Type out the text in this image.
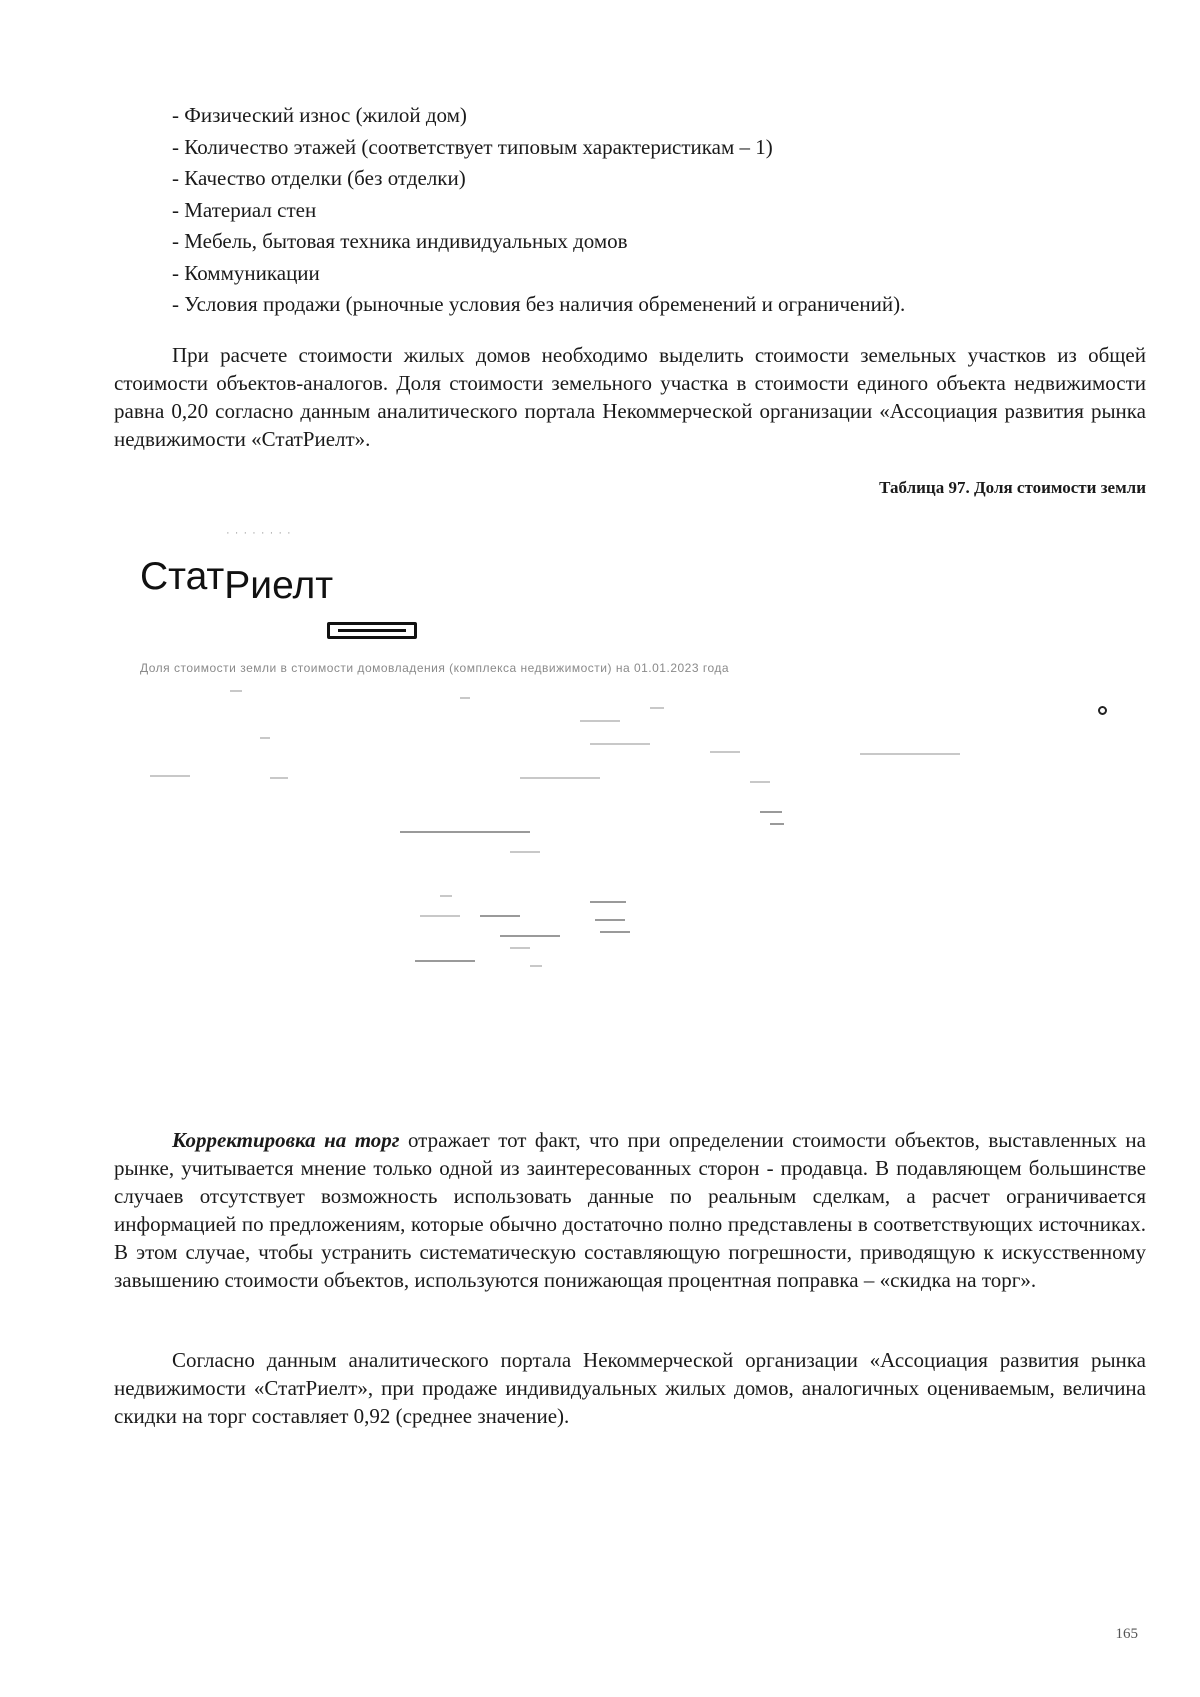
- Физический износ (жилой дом)
- Количество этажей (соответствует типовым характеристикам – 1)
- Качество отделки (без отделки)
- Материал стен
- Мебель, бытовая техника индивидуальных домов
- Коммуникации
- Условия продажи (рыночные условия без наличия обременений и ограничений).

При расчете стоимости жилых домов необходимо выделить стоимости земельных участков из общей стоимости объектов-аналогов. Доля стоимости земельного участка в стоимости единого объекта недвижимости равна 0,20 согласно данным аналитического портала Некоммерческой организации «Ассоциация развития рынка недвижимости «СтатРиелт».

Таблица 97. Доля стоимости земли
· · · · · · · ·
СтатРиелт
Доля стоимости земли в стоимости домовладения (комплекса недвижимости) на 01.01.2023 года

Корректировка на торг отражает тот факт, что при определении стоимости объектов, выставленных на рынке, учитывается мнение только одной из заинтересованных сторон - продавца. В подавляющем большинстве случаев отсутствует возможность использовать данные по реальным сделкам, а расчет ограничивается информацией по предложениям, которые обычно достаточно полно представлены в соответствующих источниках. В этом случае, чтобы устранить систематическую составляющую погрешности, приводящую к искусственному завышению стоимости объектов, используются понижающая процентная поправка – «скидка на торг».

Согласно данным аналитического портала Некоммерческой организации «Ассоциация развития рынка недвижимости «СтатРиелт», при продаже индивидуальных жилых домов, аналогичных оцениваемым, величина скидки на торг составляет 0,92 (среднее значение).

165
